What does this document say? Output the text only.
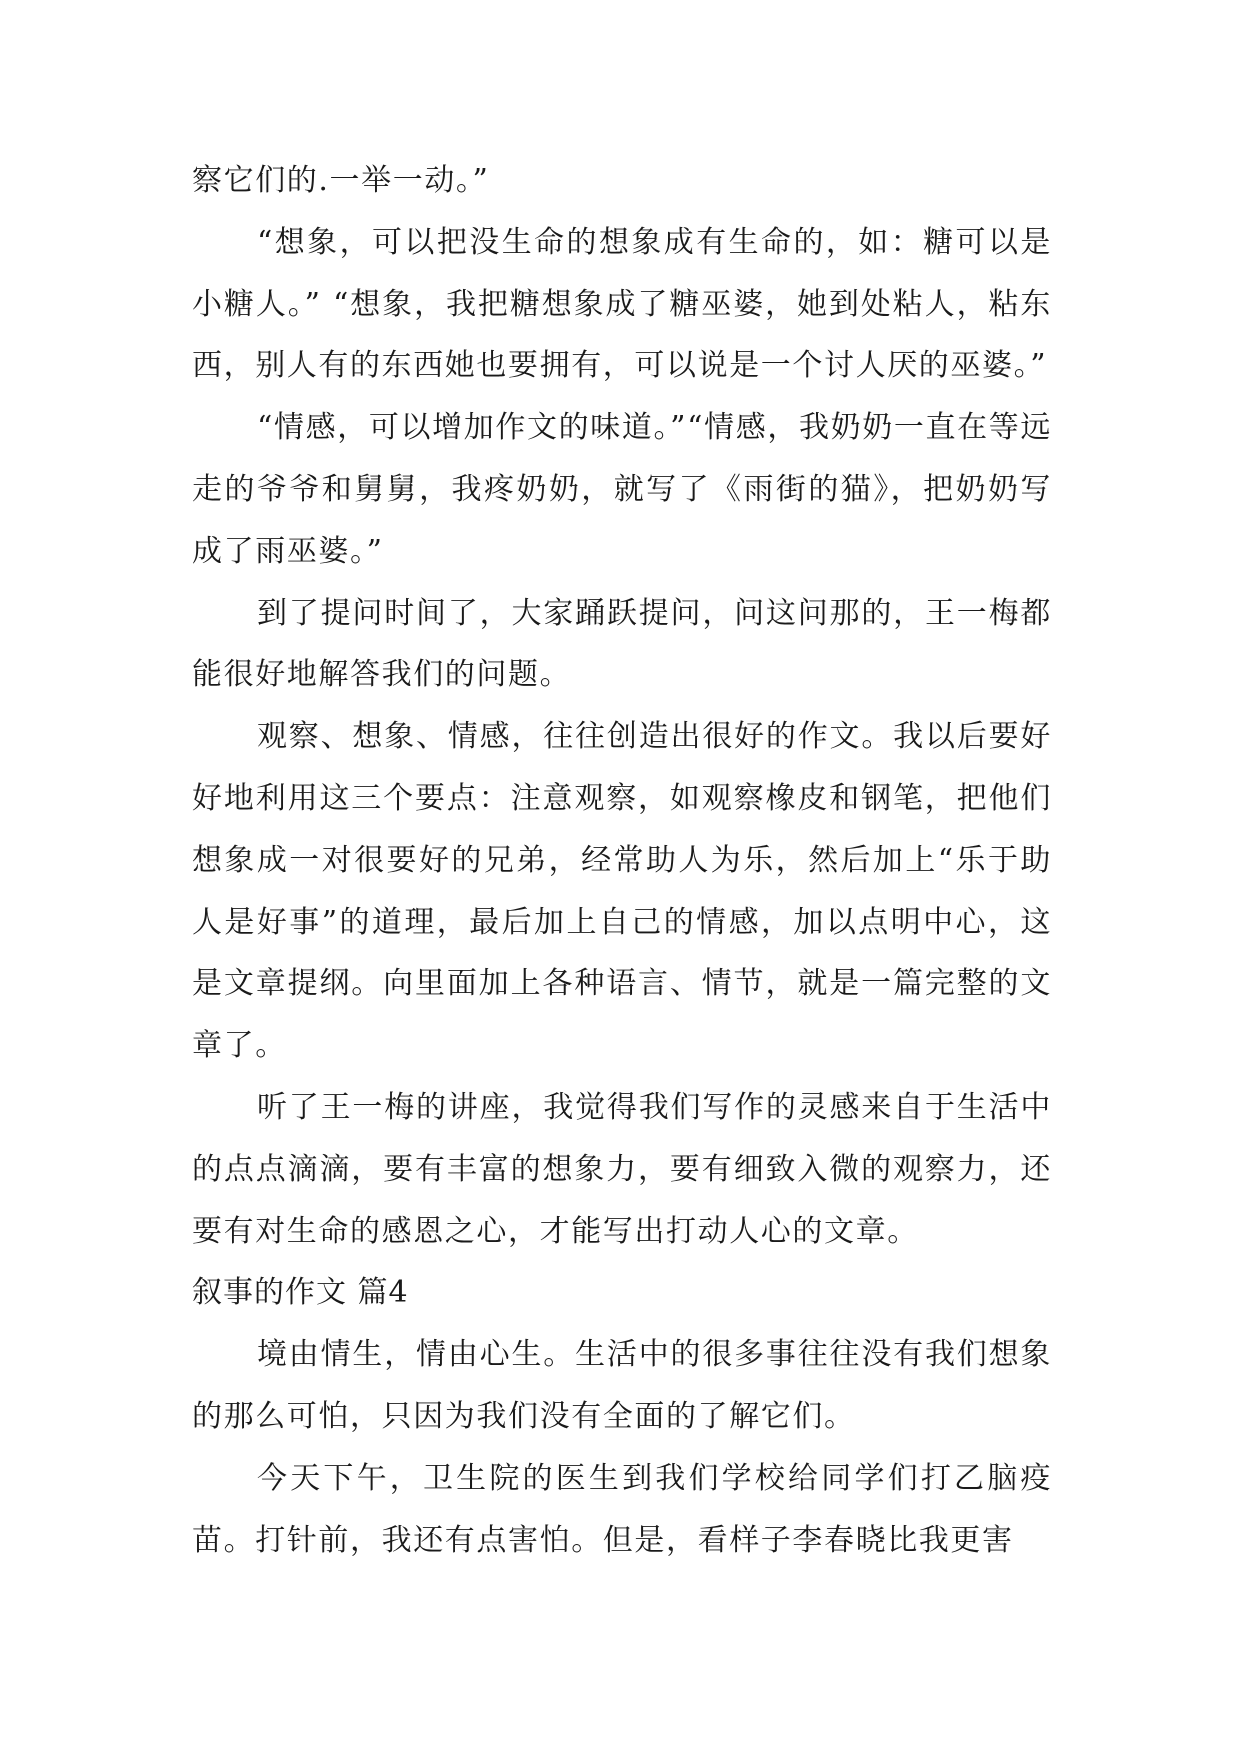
察它们的.一举一动。”

“想象，可以把没生命的想象成有生命的，如：糖可以是小糖人。” “想象，我把糖想象成了糖巫婆，她到处粘人，粘东西，别人有的东西她也要拥有，可以说是一个讨人厌的巫婆。”

“情感，可以增加作文的味道。”“情感，我奶奶一直在等远走的爷爷和舅舅，我疼奶奶，就写了《雨街的猫》，把奶奶写成了雨巫婆。”

到了提问时间了，大家踊跃提问，问这问那的，王一梅都能很好地解答我们的问题。

观察、想象、情感，往往创造出很好的作文。我以后要好好地利用这三个要点：注意观察，如观察橡皮和钢笔，把他们想象成一对很要好的兄弟，经常助人为乐，然后加上“乐于助人是好事”的道理，最后加上自己的情感，加以点明中心，这是文章提纲。向里面加上各种语言、情节，就是一篇完整的文章了。

听了王一梅的讲座，我觉得我们写作的灵感来自于生活中的点点滴滴，要有丰富的想象力，要有细致入微的观察力，还要有对生命的感恩之心，才能写出打动人心的文章。

叙事的作文 篇4

境由情生，情由心生。生活中的很多事往往没有我们想象的那么可怕，只因为我们没有全面的了解它们。

今天下午，卫生院的医生到我们学校给同学们打乙脑疫苗。打针前，我还有点害怕。但是，看样子李春晓比我更害
